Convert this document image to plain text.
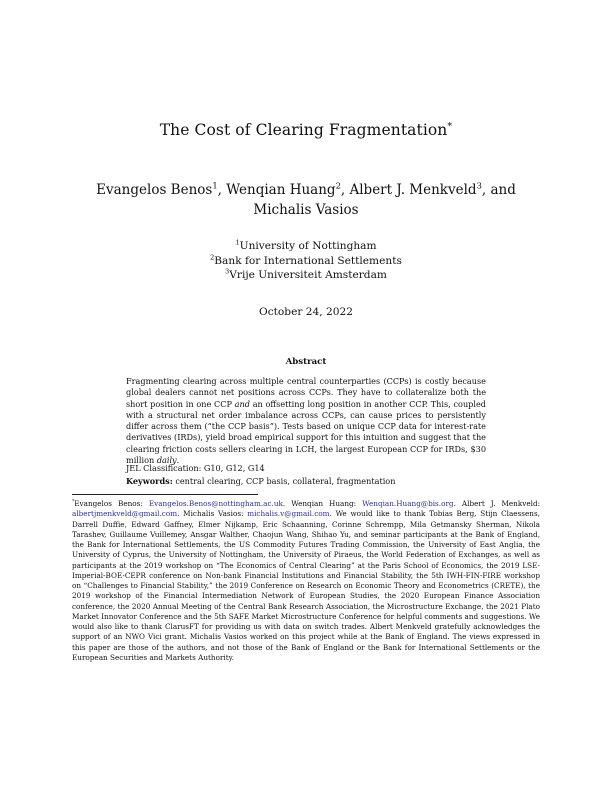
The Cost of Clearing Fragmentation*
Evangelos Benos$^1$, Wenqian Huang$^2$, Albert J. Menkveld$^3$, and Michalis Vasios
$^1$University of Nottingham
$^2$Bank for International Settlements
$^3$Vrije Universiteit Amsterdam
October 24, 2022
Abstract

Fragmenting clearing across multiple central counterparties (CCPs) is costly because global dealers cannot net positions across CCPs. They have to collateralize both the short position in one CCP and an offsetting long position in another CCP. This, coupled with a structural net order imbalance across CCPs, can cause prices to persistently differ across them (“the CCP basis”). Tests based on unique CCP data for interest-rate derivatives (IRDs), yield broad empirical support for this intuition and suggest that the clearing friction costs sellers clearing in LCH, the largest European CCP for IRDs, $30 million daily.

JEL Classification: G10, G12, G14
Keywords: central clearing, CCP basis, collateral, fragmentation
*Evangelos Benos: Evangelos.Benos@nottingham.ac.uk. Wenqian Huang: Wenqian.Huang@bis.org. Albert J. Menkveld: albertjmenkveld@gmail.com. Michalis Vasios: michalis.v@gmail.com. We would like to thank Tobias Berg, Stijn Claessens, Darrell Duffie, Edward Gaffney, Elmer Nijkamp, Eric Schaanning, Corinne Schrempp, Mila Getmansky Sherman, Nikola Tarashev, Guillaume Vuillemey, Ansgar Walther, Chaojun Wang, Shihao Yu, and seminar participants at the Bank of England, the Bank for International Settlements, the US Commodity Futures Trading Commission, the University of East Anglia, the University of Cyprus, the University of Nottingham, the University of Piraeus, the World Federation of Exchanges, as well as participants at the 2019 workshop on “The Economics of Central Clearing” at the Paris School of Economics, the 2019 LSE-Imperial-BOE-CEPR conference on Non-bank Financial Institutions and Financial Stability, the 5th IWH-FIN-FIRE workshop on “Challenges to Financial Stability,” the 2019 Conference on Research on Economic Theory and Econometrics (CRETE), the 2019 workshop of the Financial Intermediation Network of European Studies, the 2020 European Finance Association conference, the 2020 Annual Meeting of the Central Bank Research Association, the Microstructure Exchange, the 2021 Plato Market Innovator Conference and the 5th SAFE Market Microstructure Conference for helpful comments and suggestions. We would also like to thank ClarusFT for providing us with data on switch trades. Albert Menkveld gratefully acknowledges the support of an NWO Vici grant. Michalis Vasios worked on this project while at the Bank of England. The views expressed in this paper are those of the authors, and not those of the Bank of England or the Bank for International Settlements or the European Securities and Markets Authority.
